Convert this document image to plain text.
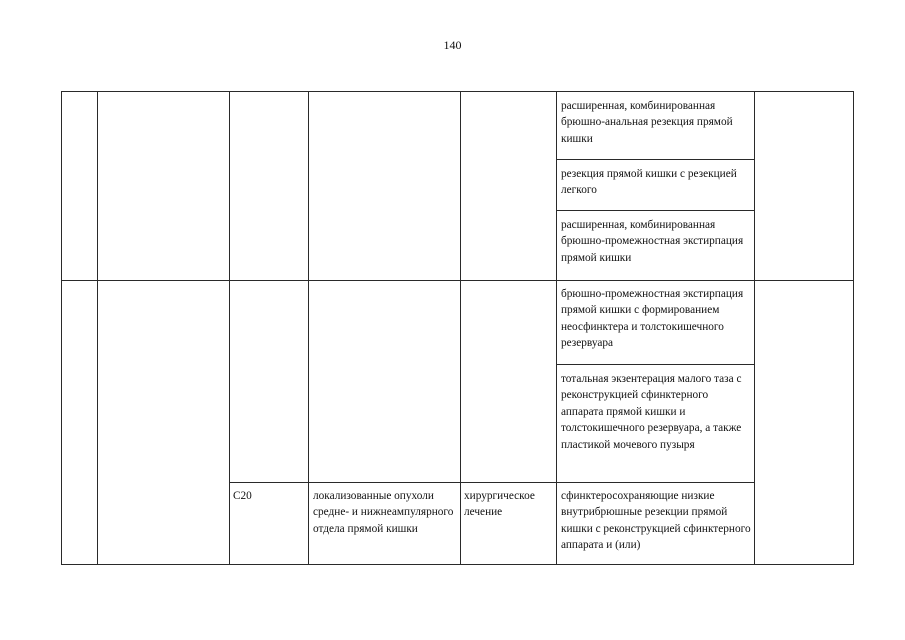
140
расширенная, комбинированная брюшно-анальная резекция прямой кишки
резекция прямой кишки с резекцией легкого
расширенная, комбинированная брюшно-промежностная экстирпация прямой кишки
брюшно-промежностная экстирпация прямой кишки с формированием неосфинктера и толстокишечного резервуара
тотальная экзентерация малого таза с реконструкцией сфинктерного аппарата прямой кишки и толстокишечного резервуара, а также пластикой мочевого пузыря
C20	локализованные опухоли средне- и нижнеампулярного отдела прямой кишки
хирургическое лечение
сфинктеросохраняющие низкие внутрибрюшные резекции прямой кишки с реконструкцией сфинктерного аппарата и (или)
